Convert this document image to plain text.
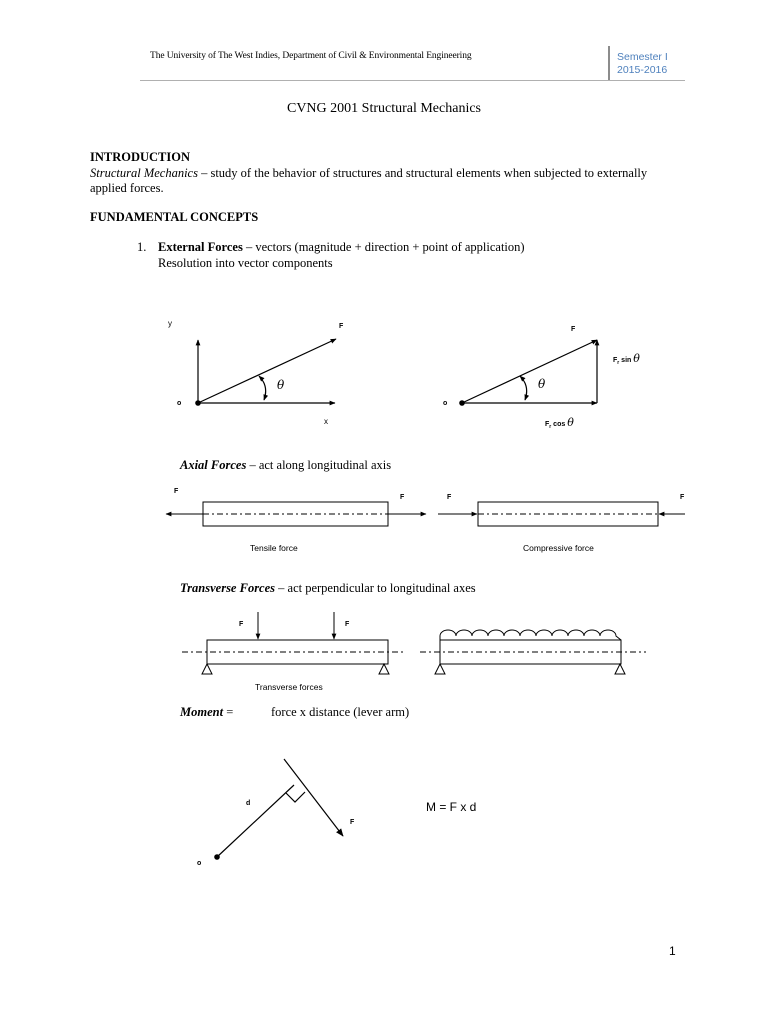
The University of The West Indies, Department of Civil & Environmental Engineering	Semester I
2015-2016
CVNG 2001 Structural Mechanics
INTRODUCTION
Structural Mechanics – study of the behavior of structures and structural elements when subjected to externally applied forces.
FUNDAMENTAL CONCEPTS
1. External Forces – vectors (magnitude + direction + point of application)
Resolution into vector components
Axial Forces – act along longitudinal axis
Transverse Forces – act perpendicular to longitudinal axes
Moment =	force x distance (lever arm)
y	F
o
x
θ
F
o
θ
$F_r$ sin θ
$F_r$ cos θ
F
F
Tensile force
F	F
Compressive force
F	F
Transverse forces
d
F
o
M = F x d
1
